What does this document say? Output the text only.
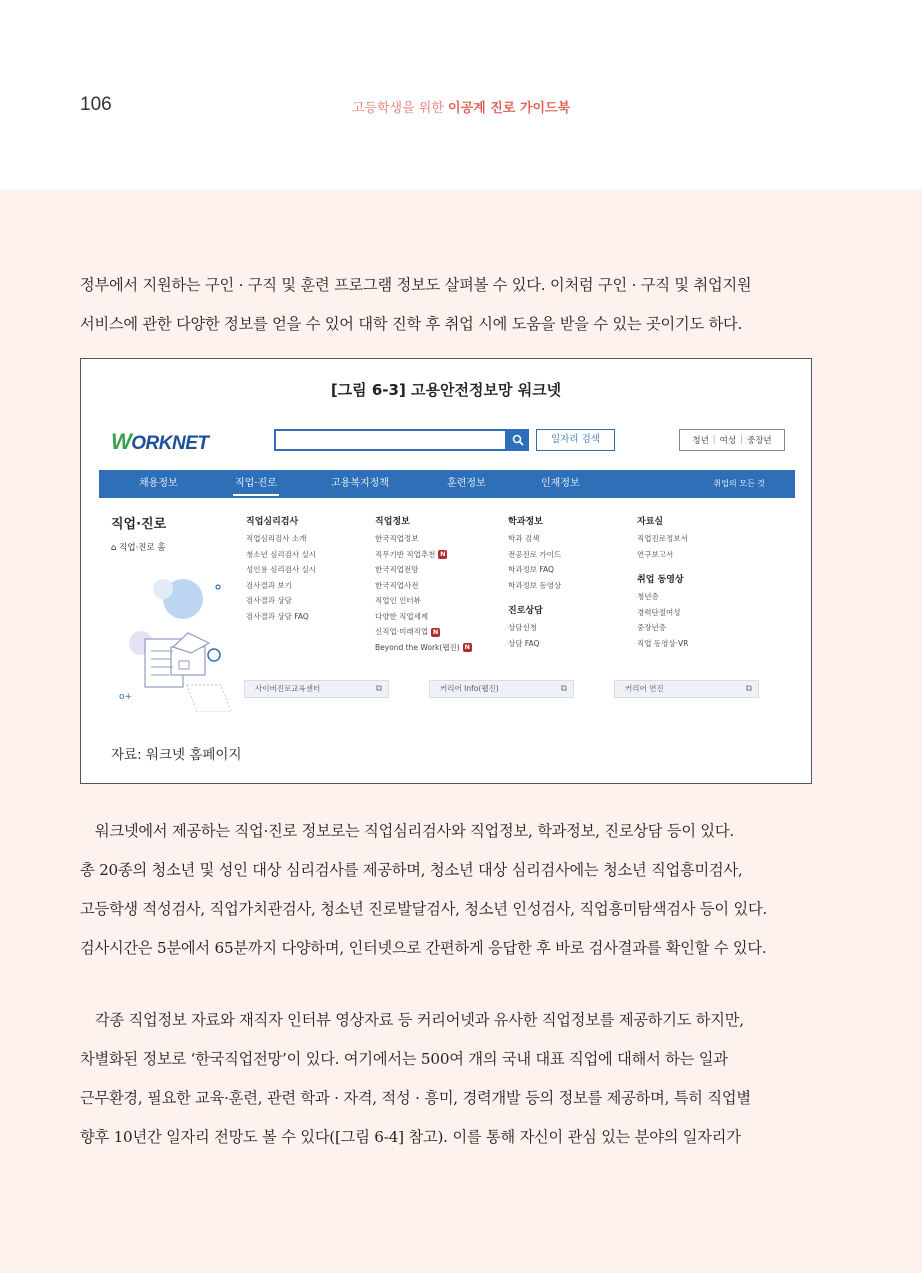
106	고등학생을 위한 이공계 진로 가이드북
정부에서 지원하는 구인 · 구직 및 훈련 프로그램 정보도 살펴볼 수 있다. 이처럼 구인 · 구직 및 취업지원
서비스에 관한 다양한 정보를 얻을 수 있어 대학 진학 후 취업 시에 도움을 받을 수 있는 곳이기도 하다.
[그림 6-3] 고용안전정보망 워크넷
WORKNET	일자리 검색	청년 | 여성 | 중장년
채용정보	직업·진로	고용복지정책	훈련정보	인재정보	취업의 모든 것
직업·진로
⌂ 직업·진로 홈
o+
직업심리검사
직업심리검사 소개
청소년 심리검사 실시
성인용 심리검사 실시
검사결과 보기
검사결과 상담
검사결과 상담 FAQ
직업정보
한국직업정보
직무기반 직업추천 N
한국직업전망
한국직업사전
직업인 인터뷰
다양한 직업세계
신직업·미래직업 N
Beyond the Work(웹진) N
학과정보
학과 검색
전공진로 가이드
학과정보 FAQ
학과정보 동영상
진로상담
상담신청
상담 FAQ
자료실
직업진로정보서
연구보고서
취업 동영상
청년층
경력단절여성
중장년층
직업 동영상·VR
사이버진로교육센터	⧉	커리어 Info(웹진)	⧉	커리어 연진	⧉
자료: 워크넷 홈페이지
워크넷에서 제공하는 직업·진로 정보로는 직업심리검사와 직업정보, 학과정보, 진로상담 등이 있다.
총 20종의 청소년 및 성인 대상 심리검사를 제공하며, 청소년 대상 심리검사에는 청소년 직업흥미검사,
고등학생 적성검사, 직업가치관검사, 청소년 진로발달검사, 청소년 인성검사, 직업흥미탐색검사 등이 있다.
검사시간은 5분에서 65분까지 다양하며, 인터넷으로 간편하게 응답한 후 바로 검사결과를 확인할 수 있다.
각종 직업정보 자료와 재직자 인터뷰 영상자료 등 커리어넷과 유사한 직업정보를 제공하기도 하지만,
차별화된 정보로 ‘한국직업전망’이 있다. 여기에서는 500여 개의 국내 대표 직업에 대해서 하는 일과
근무환경, 필요한 교육·훈련, 관련 학과 · 자격, 적성 · 흥미, 경력개발 등의 정보를 제공하며, 특히 직업별
향후 10년간 일자리 전망도 볼 수 있다([그림 6-4] 참고). 이를 통해 자신이 관심 있는 분야의 일자리가
